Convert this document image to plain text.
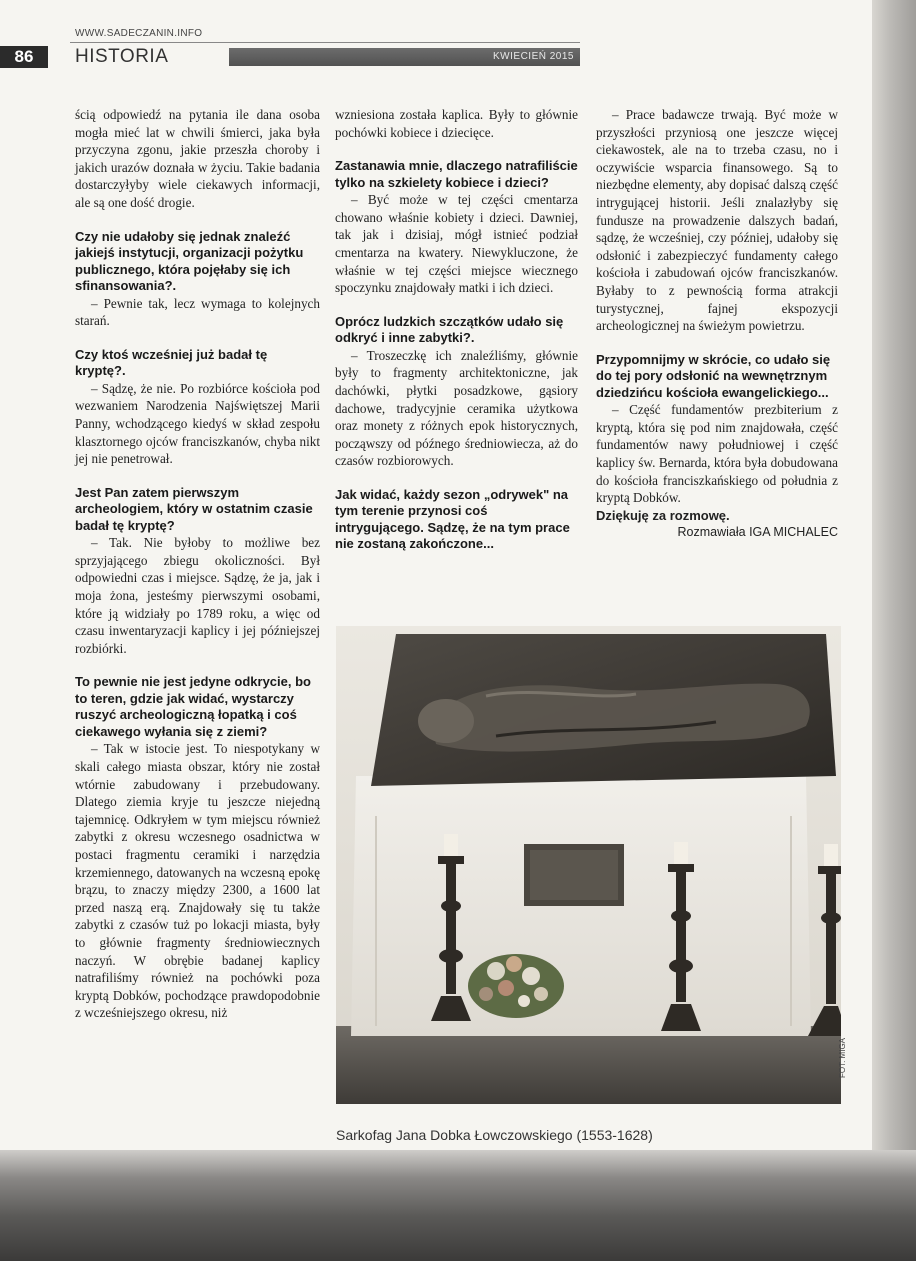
WWW.SADECZANIN.INFO
86	HISTORIA	KWIECIEŃ 2015

ścią odpowiedź na pytania ile dana osoba mogła mieć lat w chwili śmierci, jaka była przyczyna zgonu, jakie przeszła choroby i jakich urazów doznała w życiu. Takie badania dostarczyłyby wiele ciekawych informacji, ale są one dość drogie.

Czy nie udałoby się jednak znaleźć jakiejś instytucji, organizacji pożytku publicznego, która pojęłaby się ich sfinansowania?.

– Pewnie tak, lecz wymaga to kolejnych starań.

Czy ktoś wcześniej już badał tę kryptę?.

– Sądzę, że nie. Po rozbiórce kościoła pod wezwaniem Narodzenia Najświętszej Marii Panny, wchodzącego kiedyś w skład zespołu klasztornego ojców franciszkanów, chyba nikt jej nie penetrował.

Jest Pan zatem pierwszym archeologiem, który w ostatnim czasie badał tę kryptę?

– Tak. Nie byłoby to możliwe bez sprzyjającego zbiegu okoliczności. Był odpowiedni czas i miejsce. Sądzę, że ja, jak i moja żona, jesteśmy pierwszymi osobami, które ją widziały po 1789 roku, a więc od czasu inwentaryzacji kaplicy i jej późniejszej rozbiórki.

To pewnie nie jest jedyne odkrycie, bo to teren, gdzie jak widać, wystarczy ruszyć archeologiczną łopatką i coś ciekawego wyłania się z ziemi?

– Tak w istocie jest. To niespotykany w skali całego miasta obszar, który nie został wtórnie zabudowany i przebudowany. Dlatego ziemia kryje tu jeszcze niejedną tajemnicę. Odkryłem w tym miejscu również zabytki z okresu wczesnego osadnictwa w postaci fragmentu ceramiki i narzędzia krzemiennego, datowanych na wczesną epokę brązu, to znaczy między 2300, a 1600 lat przed naszą erą. Znajdowały się tu także zabytki z czasów tuż po lokacji miasta, były to głównie fragmenty średniowiecznych naczyń. W obrębie badanej kaplicy natrafiliśmy również na pochówki poza kryptą Dobków, pochodzące prawdopodobnie z wcześniejszego okresu, niż

wzniesiona została kaplica. Były to głównie pochówki kobiece i dziecięce.

Zastanawia mnie, dlaczego natrafiliście tylko na szkielety kobiece i dzieci?

– Być może w tej części cmentarza chowano właśnie kobiety i dzieci. Dawniej, tak jak i dzisiaj, mógł istnieć podział cmentarza na kwatery. Niewykluczone, że właśnie w tej części miejsce wiecznego spoczynku znajdowały matki i ich dzieci.

Oprócz ludzkich szczątków udało się odkryć i inne zabytki?.

– Troszeczkę ich znaleźliśmy, głównie były to fragmenty architektoniczne, jak dachówki, płytki posadzkowe, gąsiory dachowe, tradycyjnie ceramika użytkowa oraz monety z różnych epok historycznych, począwszy od późnego średniowiecza, aż do czasów rozbiorowych.

Jak widać, każdy sezon „odrywek" na tym terenie przynosi coś intrygującego. Sądzę, że na tym prace nie zostaną zakończone...

– Prace badawcze trwają. Być może w przyszłości przyniosą one jeszcze więcej ciekawostek, ale na to trzeba czasu, no i oczywiście wsparcia finansowego. Są to niezbędne elementy, aby dopisać dalszą część intrygującej historii. Jeśli znalazłyby się fundusze na prowadzenie dalszych badań, sądzę, że wcześniej, czy później, udałoby się odsłonić i zabezpieczyć fundamenty całego kościoła i zabudowań ojców franciszkanów. Byłaby to z pewnością forma atrakcji turystycznej, fajnej ekspozycji archeologicznej na świeżym powietrzu.

Przypomnijmy w skrócie, co udało się do tej pory odsłonić na wewnętrznym dziedzińcu kościoła ewangelickiego...

– Część fundamentów prezbiterium z kryptą, która się pod nim znajdowała, część fundamentów nawy południowej i część kaplicy św. Bernarda, która była dobudowana do kościoła franciszkańskiego od południa z kryptą Dobków.

Dziękuję za rozmowę.

Rozmawiała IGA MICHALEC

Sarkofag Jana Dobka Łowczowskiego (1553-1628)
FOT. MIGA
